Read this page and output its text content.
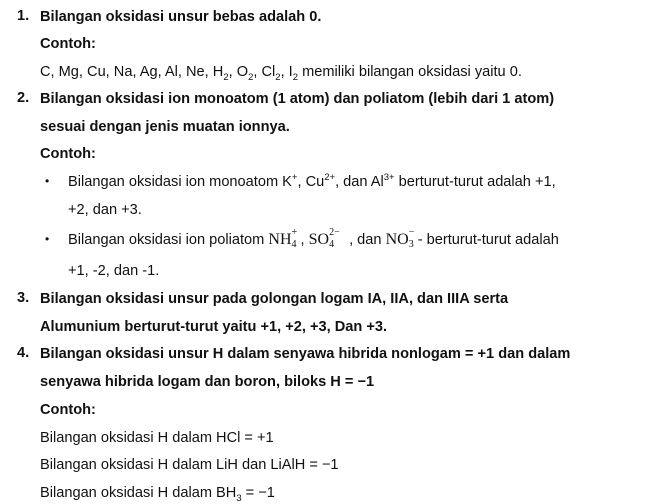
1. Bilangan oksidasi unsur bebas adalah 0.
Contoh:
C, Mg, Cu, Na, Ag, Al, Ne, $H_2$, $O_2$, $Cl_2$, $I_2$ memiliki bilangan oksidasi yaitu 0.
2. Bilangan oksidasi ion monoatom (1 atom) dan poliatom (lebih dari 1 atom)
sesuai dengan jenis muatan ionnya.
Contoh:
• Bilangan oksidasi ion monoatom K+, $Cu^{2+}$, dan $Al^{3+}$ berturut-turut adalah +1,
+2, dan +3.
• Bilangan oksidasi ion poliatom NH +
4 , SO 2−
4 , dan NO −
3 - berturut-turut adalah
+1, -2, dan -1.
3. Bilangan oksidasi unsur pada golongan logam IA, IIA, dan IIIA serta
Alumunium berturut-turut yaitu +1, +2, +3, Dan +3.
4. Bilangan oksidasi unsur H dalam senyawa hibrida nonlogam = +1 dan dalam
senyawa hibrida logam dan boron, biloks H = −1
Contoh:
Bilangan oksidasi H dalam HCl = +1
Bilangan oksidasi H dalam LiH dan LiAlH = −1
Bilangan oksidasi H dalam $BH_3 = -1$
